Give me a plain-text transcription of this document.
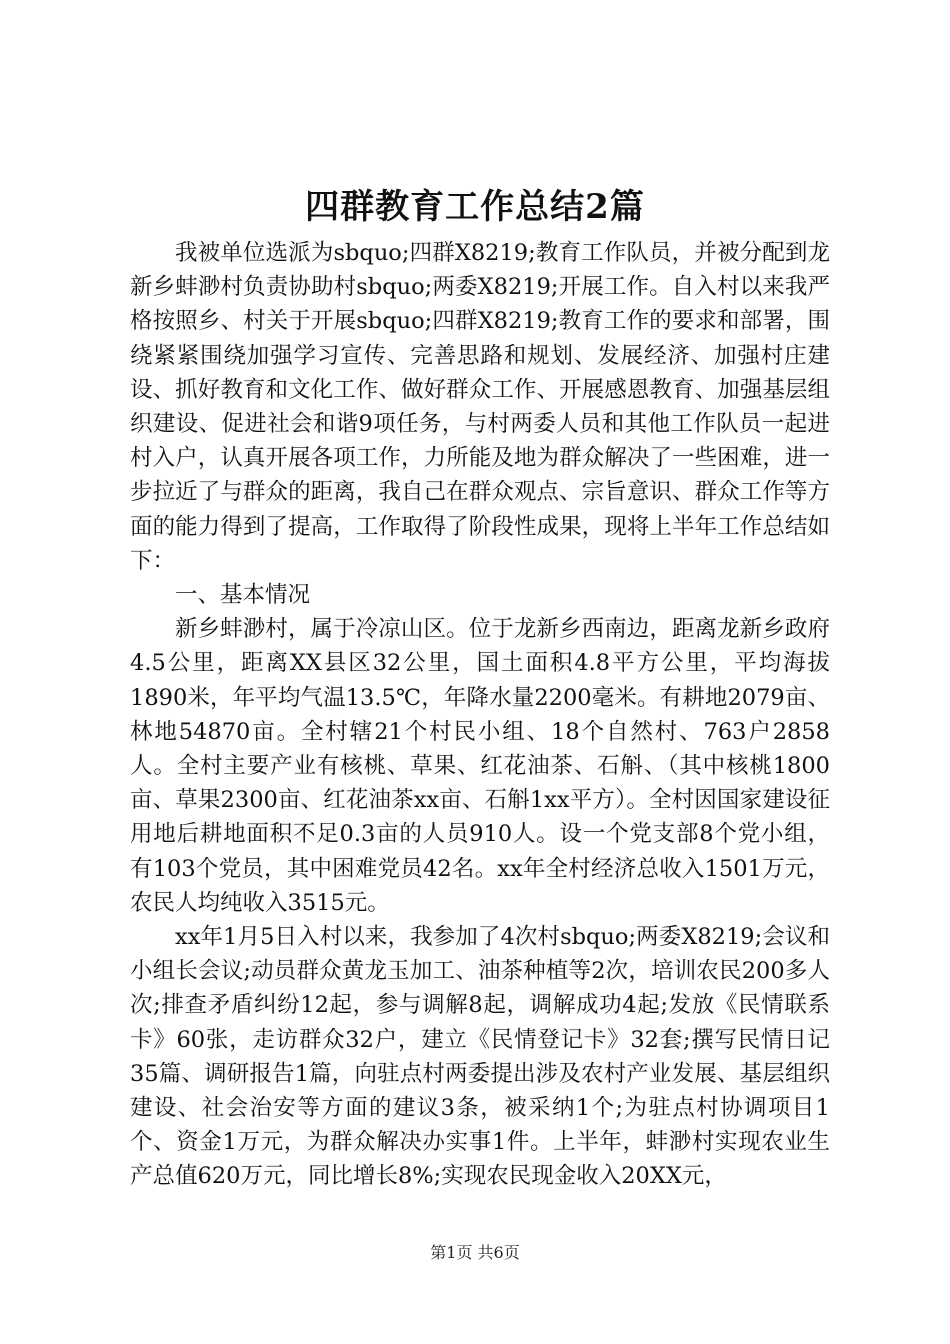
四群教育工作总结2篇

我被单位选派为sbquo;四群X8219;教育工作队员，并被分配到龙新乡蚌渺村负责协助村sbquo;两委X8219;开展工作。自入村以来我严格按照乡、村关于开展sbquo;四群X8219;教育工作的要求和部署，围绕紧紧围绕加强学习宣传、完善思路和规划、发展经济、加强村庄建设、抓好教育和文化工作、做好群众工作、开展感恩教育、加强基层组织建设、促进社会和谐9项任务，与村两委人员和其他工作队员一起进村入户，认真开展各项工作，力所能及地为群众解决了一些困难，进一步拉近了与群众的距离，我自己在群众观点、宗旨意识、群众工作等方面的能力得到了提高，工作取得了阶段性成果，现将上半年工作总结如下：

一、基本情况

新乡蚌渺村，属于冷凉山区。位于龙新乡西南边，距离龙新乡政府4.5公里，距离XX县区32公里，国土面积4.8平方公里，平均海拔1890米，年平均气温13.5℃，年降水量2200毫米。有耕地2079亩、林地54870亩。全村辖21个村民小组、18个自然村、763户2858人。全村主要产业有核桃、草果、红花油茶、石斛、（其中核桃1800亩、草果2300亩、红花油茶xx亩、石斛1xx平方）。全村因国家建设征用地后耕地面积不足0.3亩的人员910人。设一个党支部8个党小组，有103个党员，其中困难党员42名。xx年全村经济总收入1501万元，农民人均纯收入3515元。

xx年1月5日入村以来，我参加了4次村sbquo;两委X8219;会议和小组长会议;动员群众黄龙玉加工、油茶种植等2次，培训农民200多人次;排查矛盾纠纷12起，参与调解8起，调解成功4起;发放《民情联系卡》60张，走访群众32户，建立《民情登记卡》32套;撰写民情日记35篇、调研报告1篇，向驻点村两委提出涉及农村产业发展、基层组织建设、社会治安等方面的建议3条，被采纳1个;为驻点村协调项目1个、资金1万元，为群众解决办实事1件。上半年，蚌渺村实现农业生产总值620万元，同比增长8%;实现农民现金收入20XX元，

第1页 共6页
